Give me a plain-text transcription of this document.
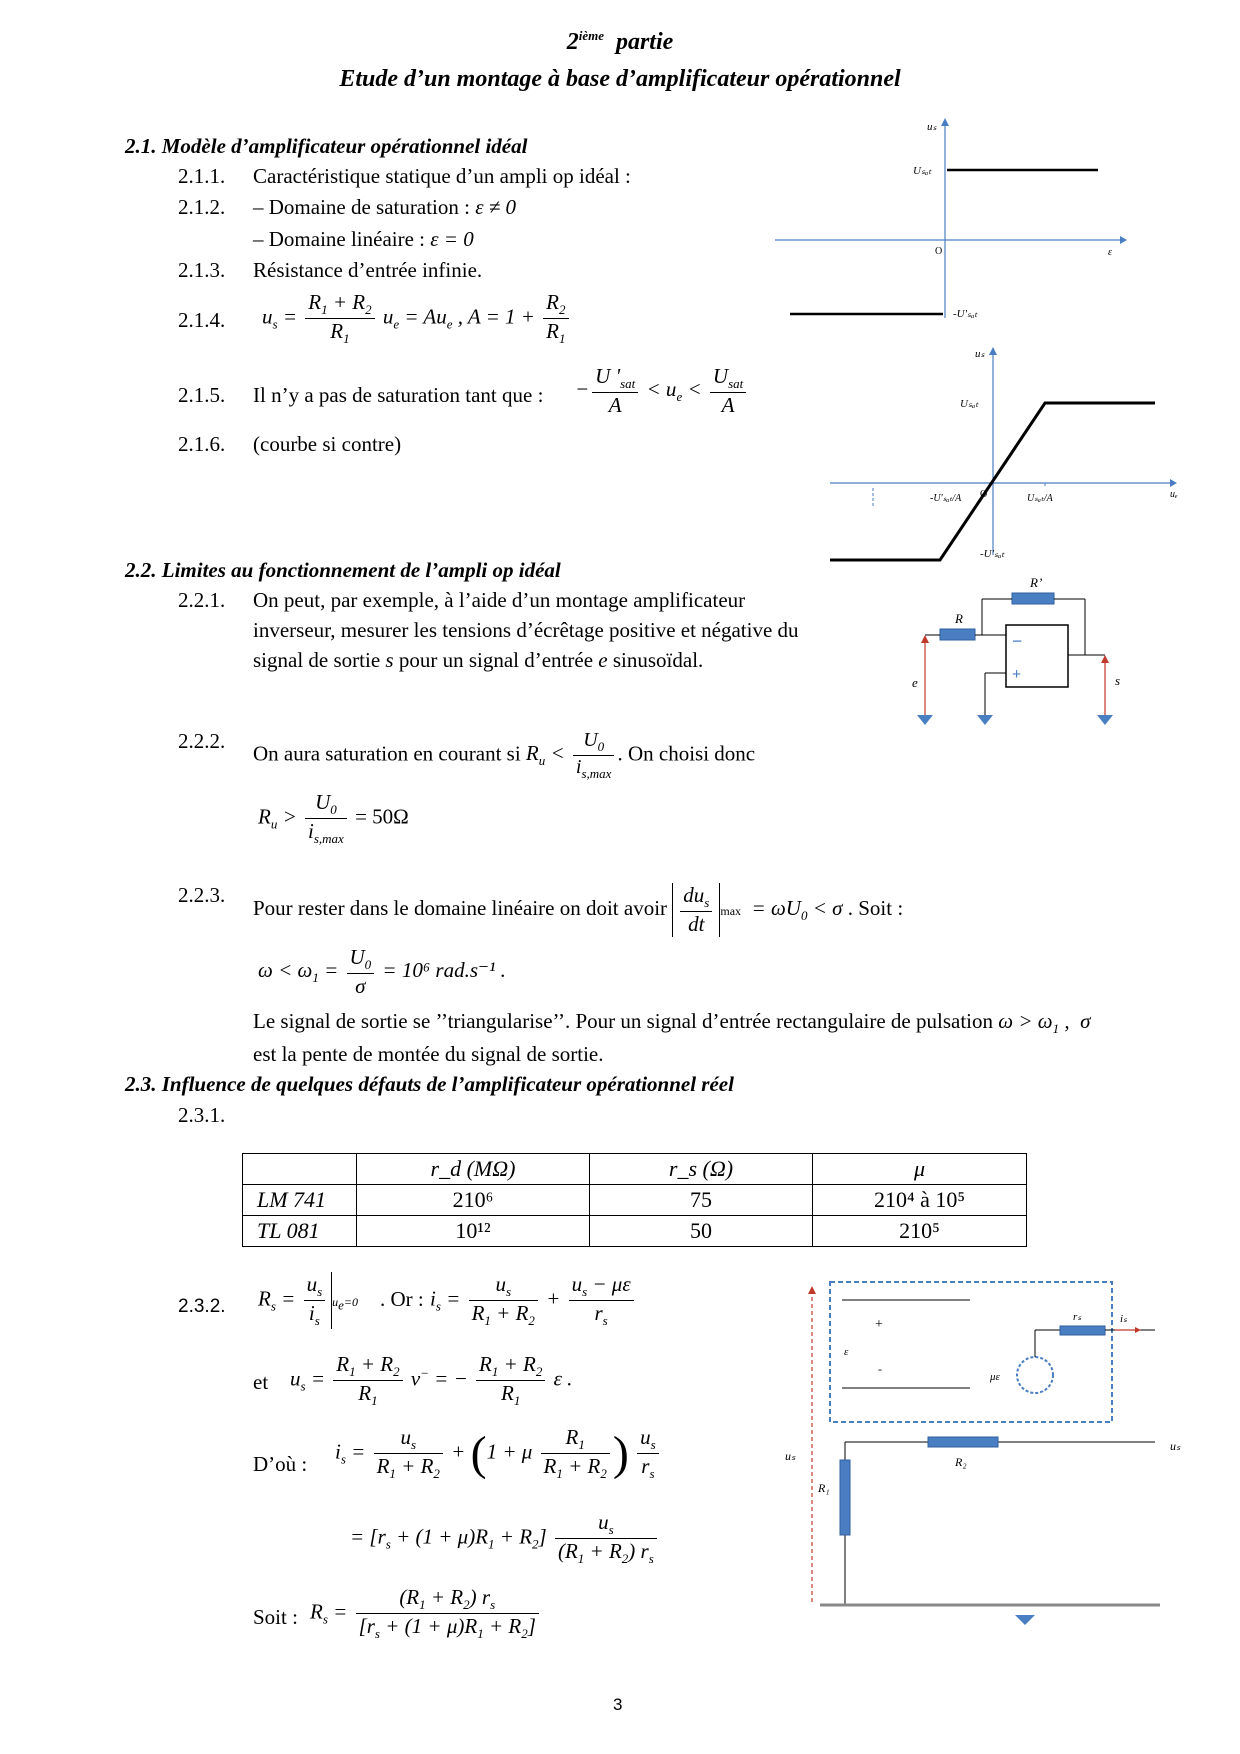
2ième partie
Etude d’un montage à base d’amplificateur opérationnel
2.1. Modèle d’amplificateur opérationnel idéal
2.1.1. Caractéristique statique d’un ampli op idéal :
2.1.2. – Domaine de saturation : ε ≠ 0
– Domaine linéaire : ε = 0
2.1.3. Résistance d’entrée infinie.
2.1.4. $u_s = \frac{R_1 + R_2}{R_1} u_e = Au_e$ , $A = 1 + \frac{R_2}{R_1}$
2.1.5. Il n’y a pas de saturation tant que : − $\frac{U '_{sat}}{A} < u_e < \frac{U_{sat}}{A}$
2.1.6. (courbe si contre)
uₛ
Uₛₐₜ
O	ε
-U'ₛₐₜ
uₛ
Uₛₐₜ
O	uₑ
-U'ₛₐₜ
-U'ₛₐₜ/A	Uₛₐₜ/A
2.2. Limites au fonctionnement de l’ampli op idéal
2.2.1. On peut, par exemple, à l’aide d’un montage amplificateur
inverseur, mesurer les tensions d’écrêtage positive et négative du
signal de sortie s pour un signal d’entrée e sinusoïdal.
R’
R
−
+
e	s
2.2.2.
On aura saturation en courant si $R_u < \frac{U_0}{i_{s,max}}$ . On choisi donc
$R_u > \frac{U_0}{i_{s,max}} = 50\Omega$
2.2.3.
Pour rester dans le domaine linéaire on doit avoir $\frac{du_s}{dt}$ $\max = \omega U_0 < \sigma$ . Soit :
$\omega < \omega_1 = \frac{U_0}{\sigma} = 10^6$ rad.s⁻¹ .
Le signal de sortie se ’’triangularise’’. Pour un signal d’entrée rectangulaire de pulsation $\omega > \omega_1$ ,  σ
est la pente de montée du signal de sortie.
2.3. Influence de quelques défauts de l’amplificateur opérationnel réel
2.3.1.
	r_d (MΩ)	r_s (Ω)	μ
LM 741	210⁶	75	210⁴ à 10⁵
TL 081	10¹²	50	210⁵
2.3.2. $R_s = \frac{u_s}{i_s} u_e=0$ . Or : $i_s = \frac{u_s}{R_1 + R_2} + \frac{u_s - \mu\varepsilon}{r_s}$
et $u_s = \frac{R_1 + R_2}{R_1} v^-$ = − $\frac{R_1 + R_2}{R_1}$ ε .
D’où :
$i_s = \frac{u_s}{R_1 + R_2} + (1 + \mu \frac{R_1}{R_1 + R_2}$ ) $\frac{u_s}{r_s}$
= $[r_s + (1 + \mu)R_1 + R_2] \frac{u_s}{(R_1 + R_2) r_s}$
Soit : $R_s = \frac{(R_1 + R_2) r_s}{[r_s + (1 + \mu)R_1 + R_2]}$
+
-
ε
με
rₛ	iₛ
uₛ	R₂
R₁
uₛ
3
